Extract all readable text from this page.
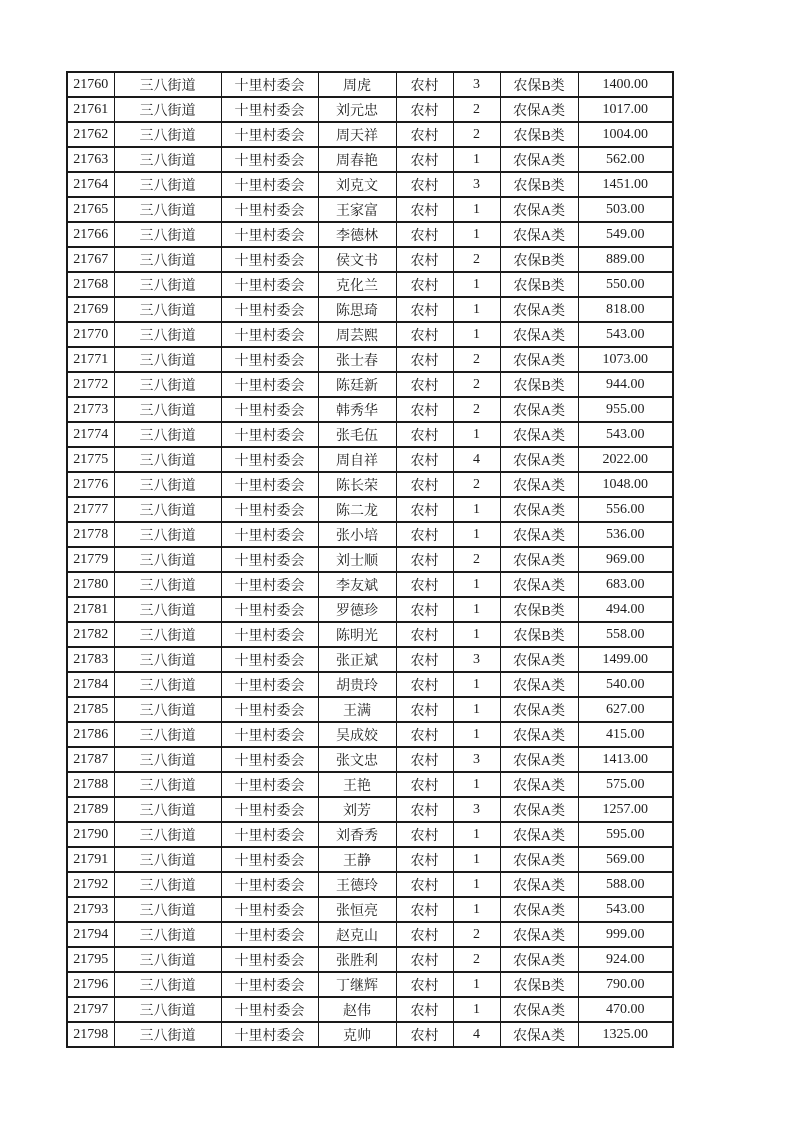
21760	三八街道	十里村委会	周虎	农村	3	农保B类	1400.00
21761	三八街道	十里村委会	刘元忠	农村	2	农保A类	1017.00
21762	三八街道	十里村委会	周天祥	农村	2	农保B类	1004.00
21763	三八街道	十里村委会	周春艳	农村	1	农保A类	562.00
21764	三八街道	十里村委会	刘克文	农村	3	农保B类	1451.00
21765	三八街道	十里村委会	王家富	农村	1	农保A类	503.00
21766	三八街道	十里村委会	李德林	农村	1	农保A类	549.00
21767	三八街道	十里村委会	侯文书	农村	2	农保B类	889.00
21768	三八街道	十里村委会	克化兰	农村	1	农保B类	550.00
21769	三八街道	十里村委会	陈思琦	农村	1	农保A类	818.00
21770	三八街道	十里村委会	周芸熙	农村	1	农保A类	543.00
21771	三八街道	十里村委会	张士春	农村	2	农保A类	1073.00
21772	三八街道	十里村委会	陈廷新	农村	2	农保B类	944.00
21773	三八街道	十里村委会	韩秀华	农村	2	农保A类	955.00
21774	三八街道	十里村委会	张毛伍	农村	1	农保A类	543.00
21775	三八街道	十里村委会	周自祥	农村	4	农保A类	2022.00
21776	三八街道	十里村委会	陈长荣	农村	2	农保A类	1048.00
21777	三八街道	十里村委会	陈二龙	农村	1	农保A类	556.00
21778	三八街道	十里村委会	张小培	农村	1	农保A类	536.00
21779	三八街道	十里村委会	刘士顺	农村	2	农保A类	969.00
21780	三八街道	十里村委会	李友斌	农村	1	农保A类	683.00
21781	三八街道	十里村委会	罗德珍	农村	1	农保B类	494.00
21782	三八街道	十里村委会	陈明光	农村	1	农保B类	558.00
21783	三八街道	十里村委会	张正斌	农村	3	农保A类	1499.00
21784	三八街道	十里村委会	胡贵玲	农村	1	农保A类	540.00
21785	三八街道	十里村委会	王满	农村	1	农保A类	627.00
21786	三八街道	十里村委会	吴成姣	农村	1	农保A类	415.00
21787	三八街道	十里村委会	张文忠	农村	3	农保A类	1413.00
21788	三八街道	十里村委会	王艳	农村	1	农保A类	575.00
21789	三八街道	十里村委会	刘芳	农村	3	农保A类	1257.00
21790	三八街道	十里村委会	刘香秀	农村	1	农保A类	595.00
21791	三八街道	十里村委会	王静	农村	1	农保A类	569.00
21792	三八街道	十里村委会	王德玲	农村	1	农保A类	588.00
21793	三八街道	十里村委会	张恒亮	农村	1	农保A类	543.00
21794	三八街道	十里村委会	赵克山	农村	2	农保A类	999.00
21795	三八街道	十里村委会	张胜利	农村	2	农保A类	924.00
21796	三八街道	十里村委会	丁继辉	农村	1	农保B类	790.00
21797	三八街道	十里村委会	赵伟	农村	1	农保A类	470.00
21798	三八街道	十里村委会	克帅	农村	4	农保A类	1325.00
